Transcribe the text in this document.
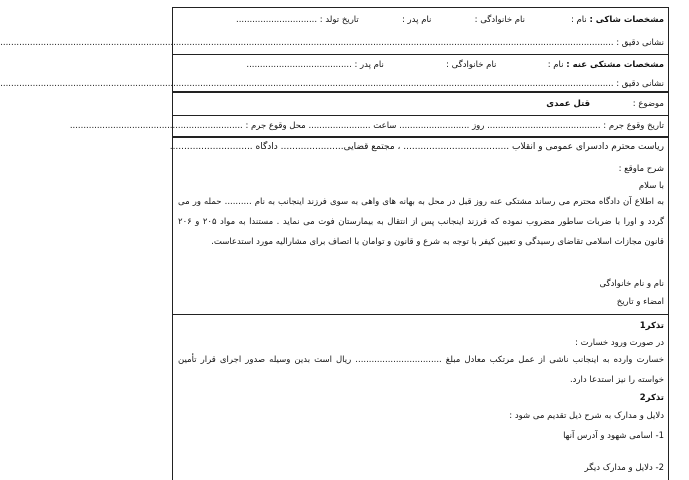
مشخصات شاکی : نام :                 نام خانوادگی :                نام پدر :                تاریخ تولد : ..............................
نشانی دقیق : ...................................................................................................................................................................................................................................
مشخصات مشتکی عنه : نام :                   نام خانوادگی :                       نام پدر : .......................................
نشانی دقیق : ...................................................................................................................................................................................................................................
موضوع : قتل عمدی
تاریخ وقوع جرم : .......................................... روز .......................... ساعت ....................... محل وقوع جرم : ................................................................
ریاست محترم دادسرای عمومی و انقلاب ..................................... ، مجتمع قضایی...................... دادگاه .............................
شرح ماوقع :
با سلام
به اطلاع آن دادگاه محترم می رساند مشتکی عنه روز قبل در محل به بهانه های واهی به سوی فرزند اینجانب به نام .......... حمله ور می گردد و اورا با ضربات ساطور مضروب نموده که فرزند اینجانب پس از انتقال به بیمارستان فوت می نماید . مستندا به مواد ۲۰۵ و ۲۰۶ قانون مجازات اسلامی تقاضای رسیدگی و تعیین کیفر با توجه به شرع و قانون و توامان با اتصاف برای مشارالیه مورد استدعاست.
نام و نام خانوادگی
امضاء و تاریخ
تذکر1
در صورت ورود خسارت :
خسارت وارده به اینجانب ناشی از عمل مرتکب معادل مبلغ ................................ ریال است بدین وسیله صدور اجرای قرار تأمین خواسته را نیز استدعا دارد.
تذکر2
دلایل و مدارک به شرح ذیل تقدیم می شود :
1- اسامی شهود و آدرس آنها
2- دلایل و مدارک دیگر
